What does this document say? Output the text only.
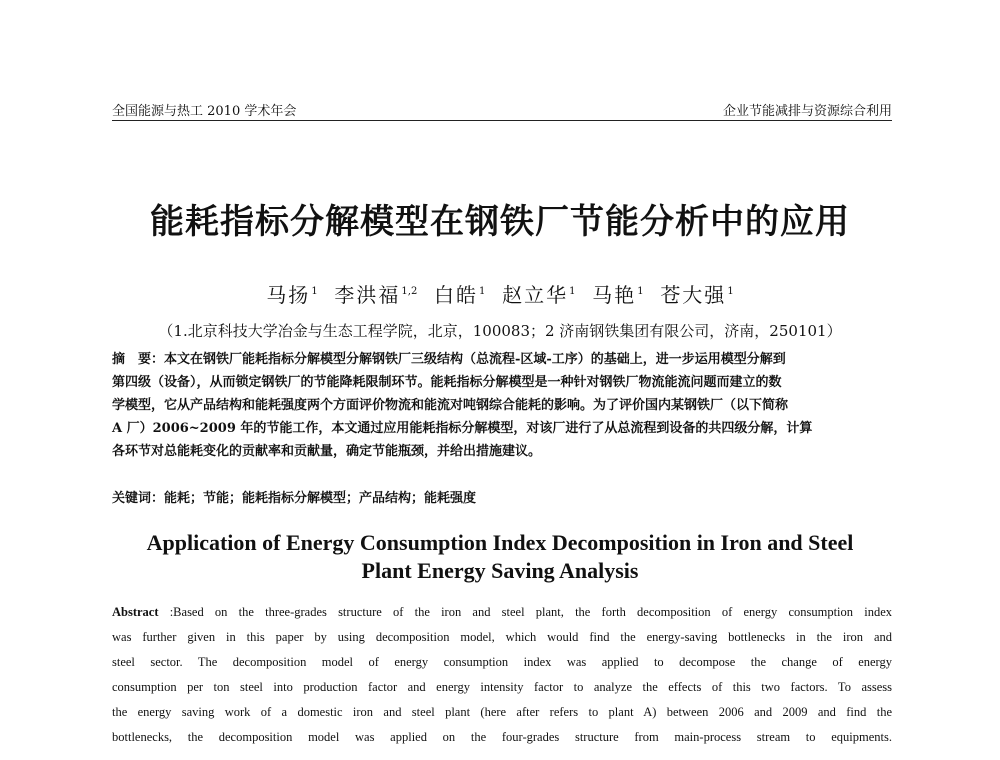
全国能源与热工 2010 学术年会	企业节能减排与资源综合利用
能耗指标分解模型在钢铁厂节能分析中的应用
马扬$^1$ 李洪福$^{1,2}$ 白皓$^1$ 赵立华$^1$ 马艳$^1$ 苍大强$^1$
（1.北京科技大学冶金与生态工程学院，北京，100083；2 济南钢铁集团有限公司，济南，250101）
摘　要：本文在钢铁厂能耗指标分解模型分解钢铁厂三级结构（总流程-区域-工序）的基础上，进一步运用模型分解到
第四级（设备），从而锁定钢铁厂的节能降耗限制环节。能耗指标分解模型是一种针对钢铁厂物流能流问题而建立的数
学模型，它从产品结构和能耗强度两个方面评价物流和能流对吨钢综合能耗的影响。为了评价国内某钢铁厂（以下简称
A 厂）2006~2009 年的节能工作，本文通过应用能耗指标分解模型，对该厂进行了从总流程到设备的共四级分解，计算
各环节对总能耗变化的贡献率和贡献量，确定节能瓶颈，并给出措施建议。
关键词：能耗；节能；能耗指标分解模型；产品结构；能耗强度
Application of Energy Consumption Index Decomposition in Iron and Steel
Plant Energy Saving Analysis
Abstract :Based on the three-grades structure of the iron and steel plant, the forth decomposition of energy consumption index
was further given in this paper by using decomposition model, which would find the energy-saving bottlenecks in the iron and
steel sector. The decomposition model of energy consumption index was applied to decompose the change of energy
consumption per ton steel into production factor and energy intensity factor to analyze the effects of this two factors. To assess
the energy saving work of a domestic iron and steel plant (here after refers to plant A) between 2006 and 2009 and find the
bottlenecks, the decomposition model was applied on the four-grades structure from main-process stream to equipments.
